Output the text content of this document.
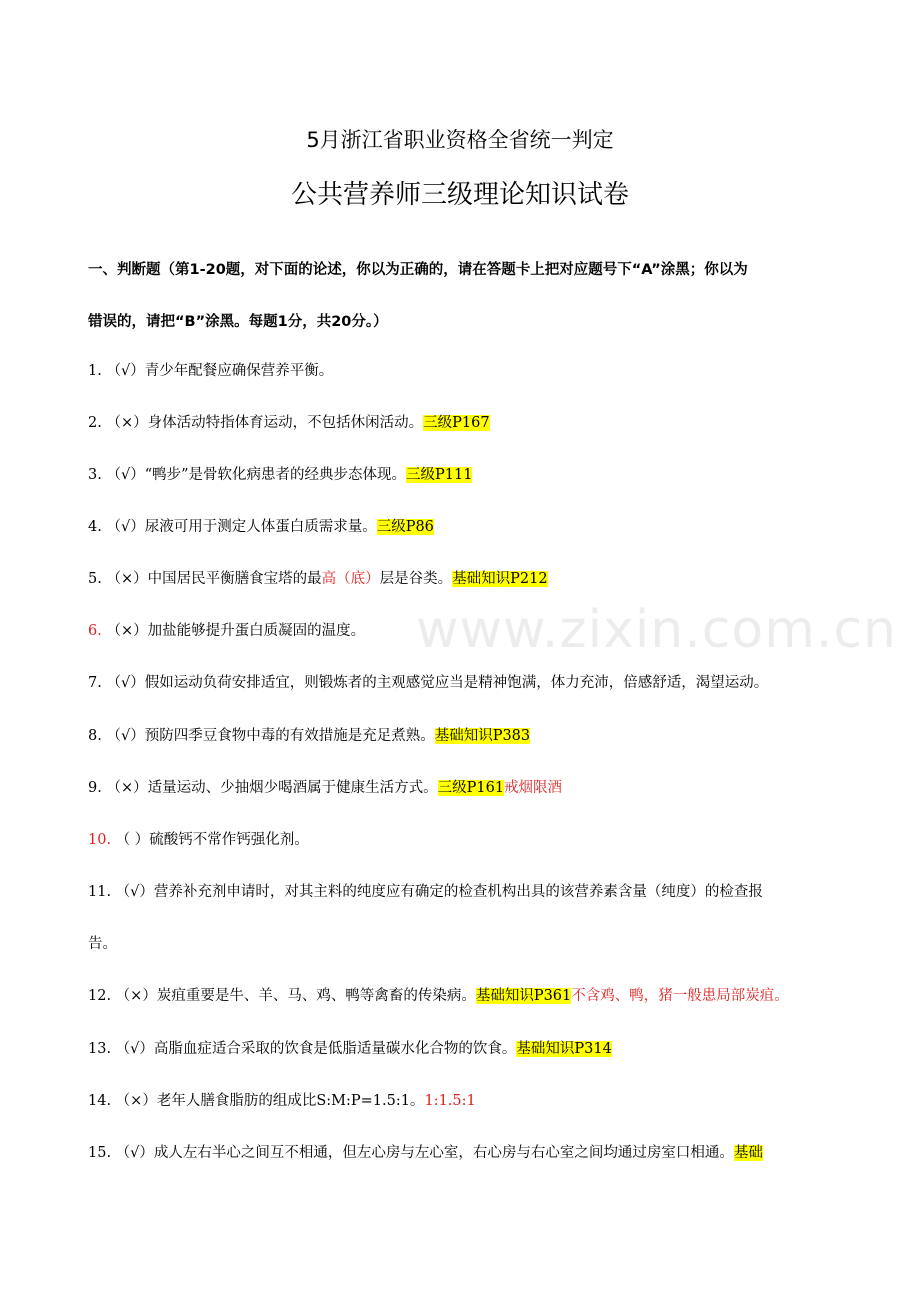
5月浙江省职业资格全省统一判定
公共营养师三级理论知识试卷
一、判断题（第1-20题，对下面的论述，你以为正确的，请在答题卡上把对应题号下“A”涂黑；你以为
错误的，请把“B”涂黑。每题1分，共20分。）
1. （√）青少年配餐应确保营养平衡。
2. （×）身体活动特指体育运动，不包括休闲活动。三级P167
3. （√）“鸭步”是骨软化病患者的经典步态体现。三级P111
4. （√）尿液可用于测定人体蛋白质需求量。三级P86
5. （×）中国居民平衡膳食宝塔的最高（底）层是谷类。基础知识P212
6. （×）加盐能够提升蛋白质凝固的温度。
7. （√）假如运动负荷安排适宜，则锻炼者的主观感觉应当是精神饱满，体力充沛，倍感舒适，渴望运动。
8. （√）预防四季豆食物中毒的有效措施是充足煮熟。基础知识P383
9. （×）适量运动、少抽烟少喝酒属于健康生活方式。三级P161戒烟限酒
10. （ ）硫酸钙不常作钙强化剂。
11. （√）营养补充剂申请时，对其主料的纯度应有确定的检查机构出具的该营养素含量（纯度）的检查报
告。
12. （×）炭疽重要是牛、羊、马、鸡、鸭等禽畜的传染病。基础知识P361不含鸡、鸭，猪一般患局部炭疽。
13. （√）高脂血症适合采取的饮食是低脂适量碳水化合物的饮食。基础知识P314
14. （×）老年人膳食脂肪的组成比S:M:P=1.5:1。1:1.5:1
15. （√）成人左右半心之间互不相通，但左心房与左心室，右心房与右心室之间均通过房室口相通。基础
www.zixin.com.cn
